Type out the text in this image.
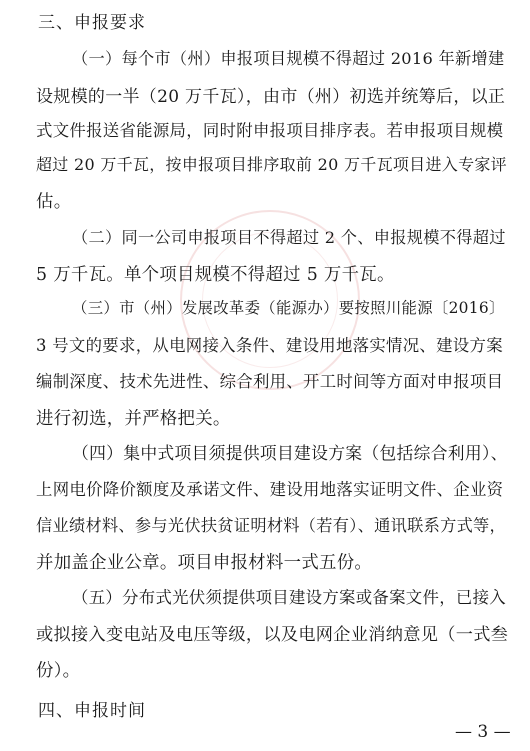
三、申报要求
（一）每个市（州）申报项目规模不得超过 2016 年新增建
设规模的一半（20 万千瓦），由市（州）初选并统筹后，以正
式文件报送省能源局，同时附申报项目排序表。若申报项目规模
超过 20 万千瓦，按申报项目排序取前 20 万千瓦项目进入专家评
估。
（二）同一公司申报项目不得超过 2 个、申报规模不得超过
5 万千瓦。单个项目规模不得超过 5 万千瓦。
（三）市（州）发展改革委（能源办）要按照川能源〔2016〕
3 号文的要求，从电网接入条件、建设用地落实情况、建设方案
编制深度、技术先进性、综合利用、开工时间等方面对申报项目
进行初选，并严格把关。
（四）集中式项目须提供项目建设方案（包括综合利用）、
上网电价降价额度及承诺文件、建设用地落实证明文件、企业资
信业绩材料、参与光伏扶贫证明材料（若有）、通讯联系方式等，
并加盖企业公章。项目申报材料一式五份。
（五）分布式光伏须提供项目建设方案或备案文件，已接入
或拟接入变电站及电压等级，以及电网企业消纳意见（一式叁
份）。
四、申报时间
— 3 —
